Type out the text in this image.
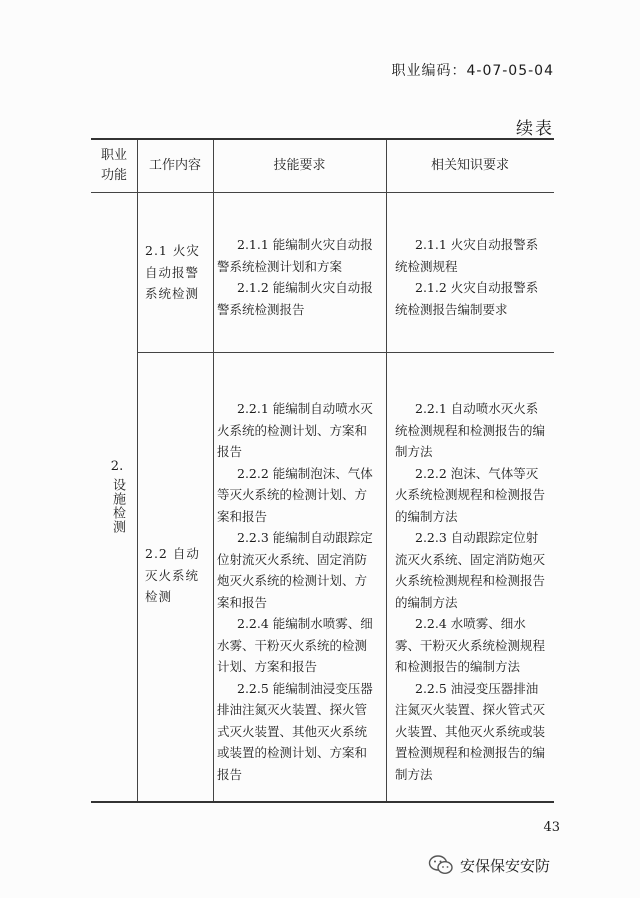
职业编码：4-07-05-04
续表
职业
功能
工作内容	技能要求	相关知识要求
2.
设施检测
2.1 火灾自动报警系统检测

2.1.1 能编制火灾自动报警系统检测计划和方案

2.1.2 能编制火灾自动报警系统检测报告

2.1.1 火灾自动报警系统检测规程

2.1.2 火灾自动报警系统检测报告编制要求

2.2 自动灭火系统检测

2.2.1 能编制自动喷水灭火系统的检测计划、方案和报告

2.2.2 能编制泡沫、气体等灭火系统的检测计划、方案和报告

2.2.3 能编制自动跟踪定位射流灭火系统、固定消防炮灭火系统的检测计划、方案和报告

2.2.4 能编制水喷雾、细水雾、干粉灭火系统的检测计划、方案和报告

2.2.5 能编制油浸变压器排油注氮灭火装置、探火管式灭火装置、其他灭火系统或装置的检测计划、方案和报告

2.2.1 自动喷水灭火系统检测规程和检测报告的编制方法

2.2.2 泡沫、气体等灭火系统检测规程和检测报告的编制方法

2.2.3 自动跟踪定位射流灭火系统、固定消防炮灭火系统检测规程和检测报告的编制方法

2.2.4 水喷雾、细水雾、干粉灭火系统检测规程和检测报告的编制方法

2.2.5 油浸变压器排油注氮灭火装置、探火管式灭火装置、其他灭火系统或装置检测规程和检测报告的编制方法

43
安保保安安防
